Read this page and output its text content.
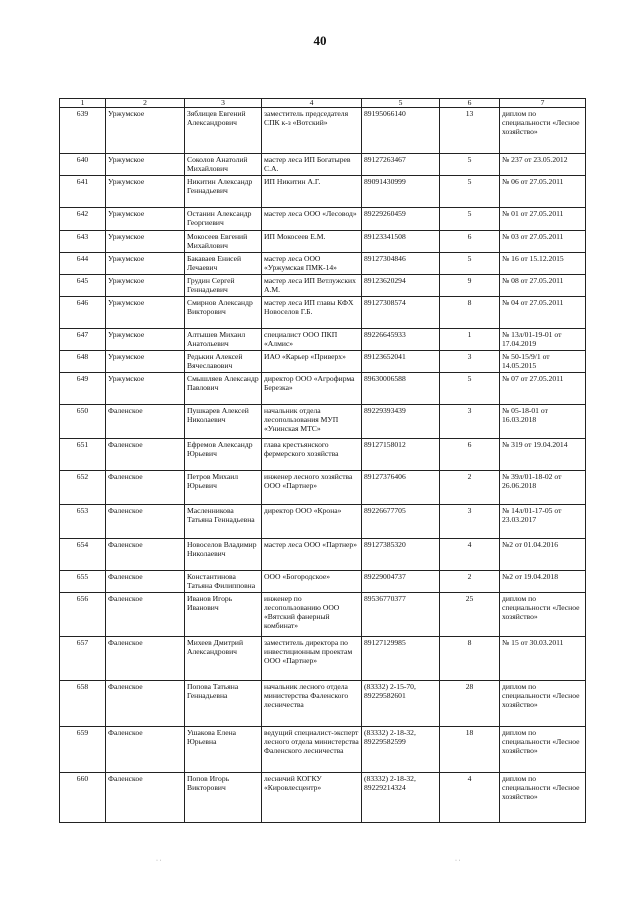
40
1	2	3	4	5	6	7
639	Уржумское	Зяблицев Евгений Александрович	заместитель председателя СПК к-з «Вотский»	89195066140	13	диплом по специальности «Лесное хозяйство»
640	Уржумское	Соколов Анатолий Михайлович	мастер леса ИП Богатырев С.А.	89127263467	5	№ 237 от 23.05.2012
641	Уржумское	Никитин Александр Геннадьевич	ИП Никитин А.Г.	89091430999	5	№ 06 от 27.05.2011
642	Уржумское	Останин Александр Георгиевич	мастер леса ООО «Лесовод»	89229260459	5	№ 01 от 27.05.2011
643	Уржумское	Мокосеев Евгений Михайлович	ИП Мокосеев Е.М.	89123341508	6	№ 03 от 27.05.2011
644	Уржумское	Бакаваев Енисей Лечаевич	мастер леса ООО «Уржумская ПМК-14»	89127304846	5	№ 16 от 15.12.2015
645	Уржумское	Грудин Сергей Геннадьевич	мастер леса ИП Ветлужских А.М.	89123620294	9	№ 08 от 27.05.2011
646	Уржумское	Смирнов Александр Викторович	мастер леса ИП главы КФХ Новоселов Г.Б.	89127308574	8	№ 04 от 27.05.2011
647	Уржумское	Алтышев Михаил Анатольевич	специалист ООО ПКП «Алмис»	89226645933	1	№ 13л/01-19-01 от 17.04.2019
648	Уржумское	Редькин Алексей Вячеславович	ИАО «Карьер «Приверх»	89123652041	3	№ 50-15/9/1 от 14.05.2015
649	Уржумское	Смышляев Александр Павлович	директор ООО «Агрофирма Березка»	89630006588	5	№ 07 от 27.05.2011
650	Фаленское	Пушкарев Алексей Николаевич	начальник отдела лесопользования МУП «Унинская МТС»	89229393439	3	№ 05-18-01 от 16.03.2018
651	Фаленское	Ефремов Александр Юрьевич	глава крестьянского фермерского хозяйства	89127158012	6	№ 319 от 19.04.2014
652	Фаленское	Петров Михаил Юрьевич	инженер лесного хозяйства ООО «Партнер»	89127376406	2	№ 39л/01-18-02 от 26.06.2018
653	Фаленское	Масленникова Татьяна Геннадьевна	директор ООО «Крона»	89226677705	3	№ 14л/01-17-05 от 23.03.2017
654	Фаленское	Новоселов Владимир Николаевич	мастер леса ООО «Партнер»	89127385320	4	№2 от 01.04.2016
655	Фаленское	Константинова Татьяна Филипповна	ООО «Богородское»	89229004737	2	№2 от 19.04.2018
656	Фаленское	Иванов Игорь Иванович	инженер по лесопользованию ООО «Вятский фанерный комбинат»	89536770377	25	диплом по специальности «Лесное хозяйство»
657	Фаленское	Михеев Дмитрий Александрович	заместитель директора по инвестиционным проектам ООО «Партнер»	89127129985	8	№ 15 от 30.03.2011
658	Фаленское	Попова Татьяна Геннадьевна	начальник лесного отдела министерства Фаленского лесничества	(83332) 2-15-70, 89229582601	28	диплом по специальности «Лесное хозяйство»
659	Фаленское	Ушакова Елена Юрьевна	ведущий специалист-эксперт лесного отдела министерства Фаленского лесничества	(83332) 2-18-32, 89229582599	18	диплом по специальности «Лесное хозяйство»
660	Фаленское	Попов Игорь Викторович	лесничий КОГКУ «Кировлесцентр»	(83332) 2-18-32, 89229214324	4	диплом по специальности «Лесное хозяйство»
· ·	· ·
